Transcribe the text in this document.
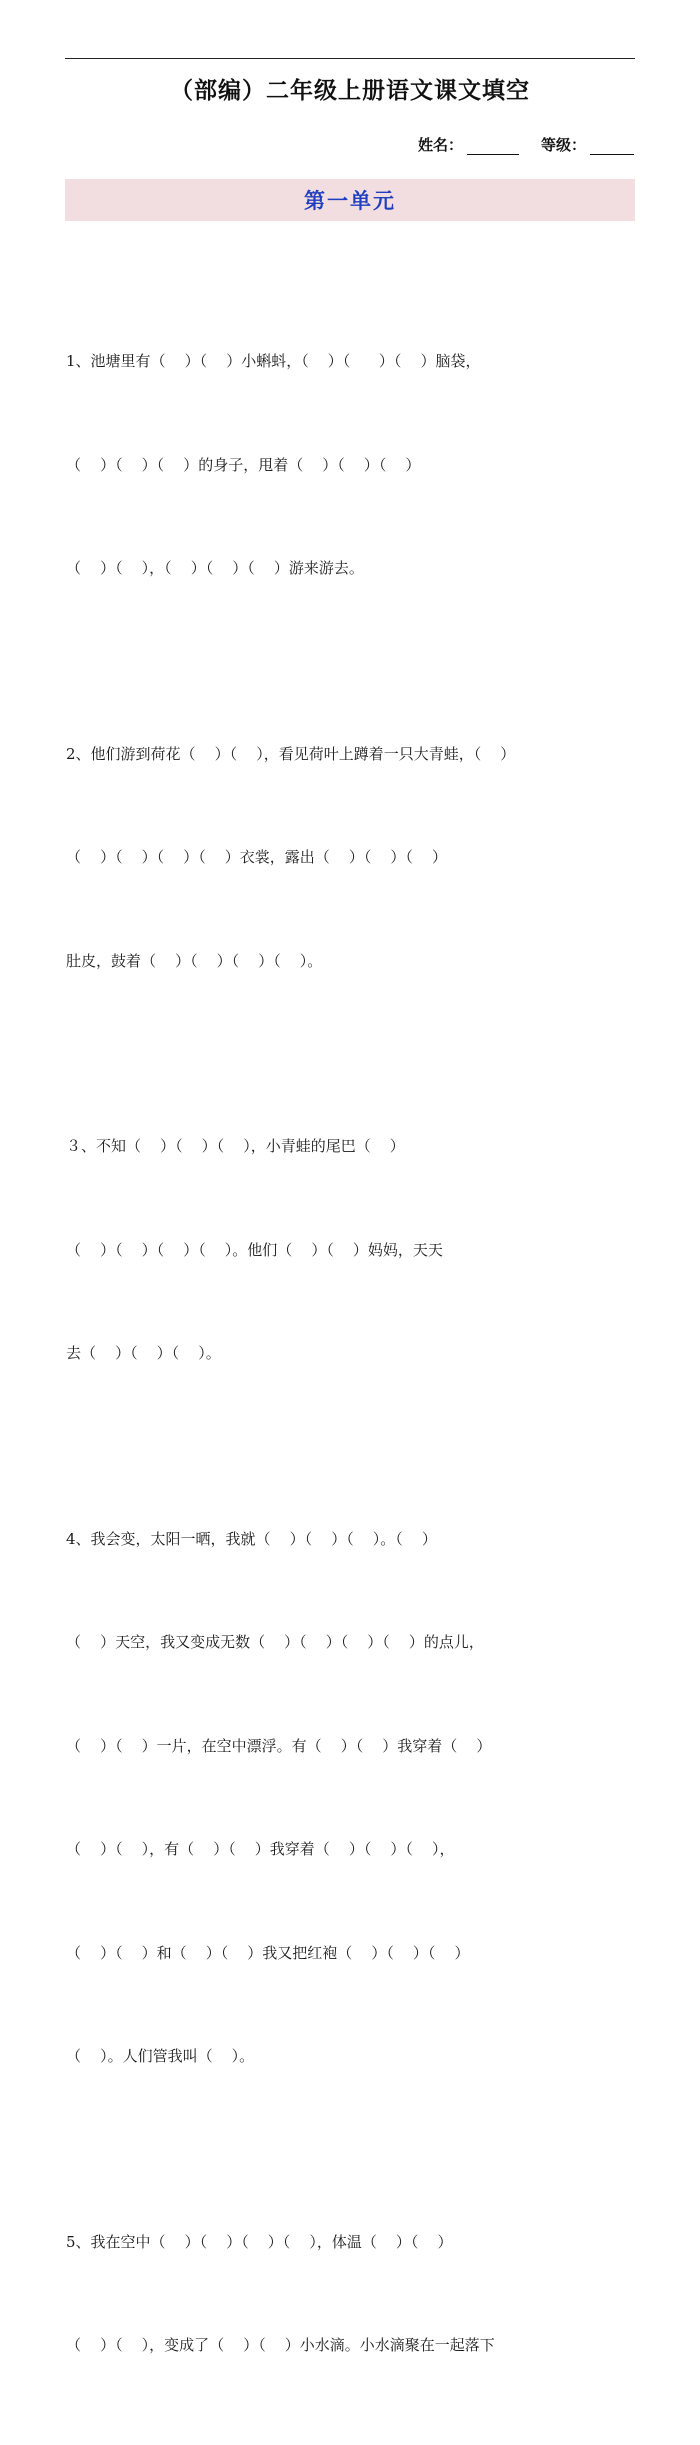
（部编）二年级上册语文课文填空
姓名：	等级：
第一单元

1、池塘里有（    ）（    ）小蝌蚪，（    ）（      ）（    ）脑袋，

（    ）（    ）（    ）的身子，甩着（    ）（    ）（    ）

（    ）（    ），（    ）（    ）（    ）游来游去。

2、他们游到荷花（    ）（    ），看见荷叶上蹲着一只大青蛙，（    ）

（    ）（    ）（    ）（    ）衣裳，露出（    ）（    ）（    ）

肚皮，鼓着（    ）（    ）（    ）（    ）。

３、不知（    ）（    ）（    ），小青蛙的尾巴（    ）

（    ）（    ）（    ）（    ）。他们（    ）（    ）妈妈，天天

去（    ）（    ）（    ）。

4、我会变，太阳一晒，我就（    ）（    ）（    ）。（    ）

（    ）天空，我又变成无数（    ）（    ）（    ）（    ）的点儿，

（    ）（    ）一片，在空中漂浮。有（    ）（    ）我穿着（    ）

（    ）（    ），有（    ）（    ）我穿着（    ）（    ）（    ），

（    ）（    ）和（    ）（    ）我又把红袍（    ）（    ）（    ）

（    ）。人们管我叫（    ）。

5、我在空中（    ）（    ）（    ）（    ），体温（    ）（    ）

（    ）（    ），变成了（    ）（    ）小水滴。小水滴聚在一起落下
